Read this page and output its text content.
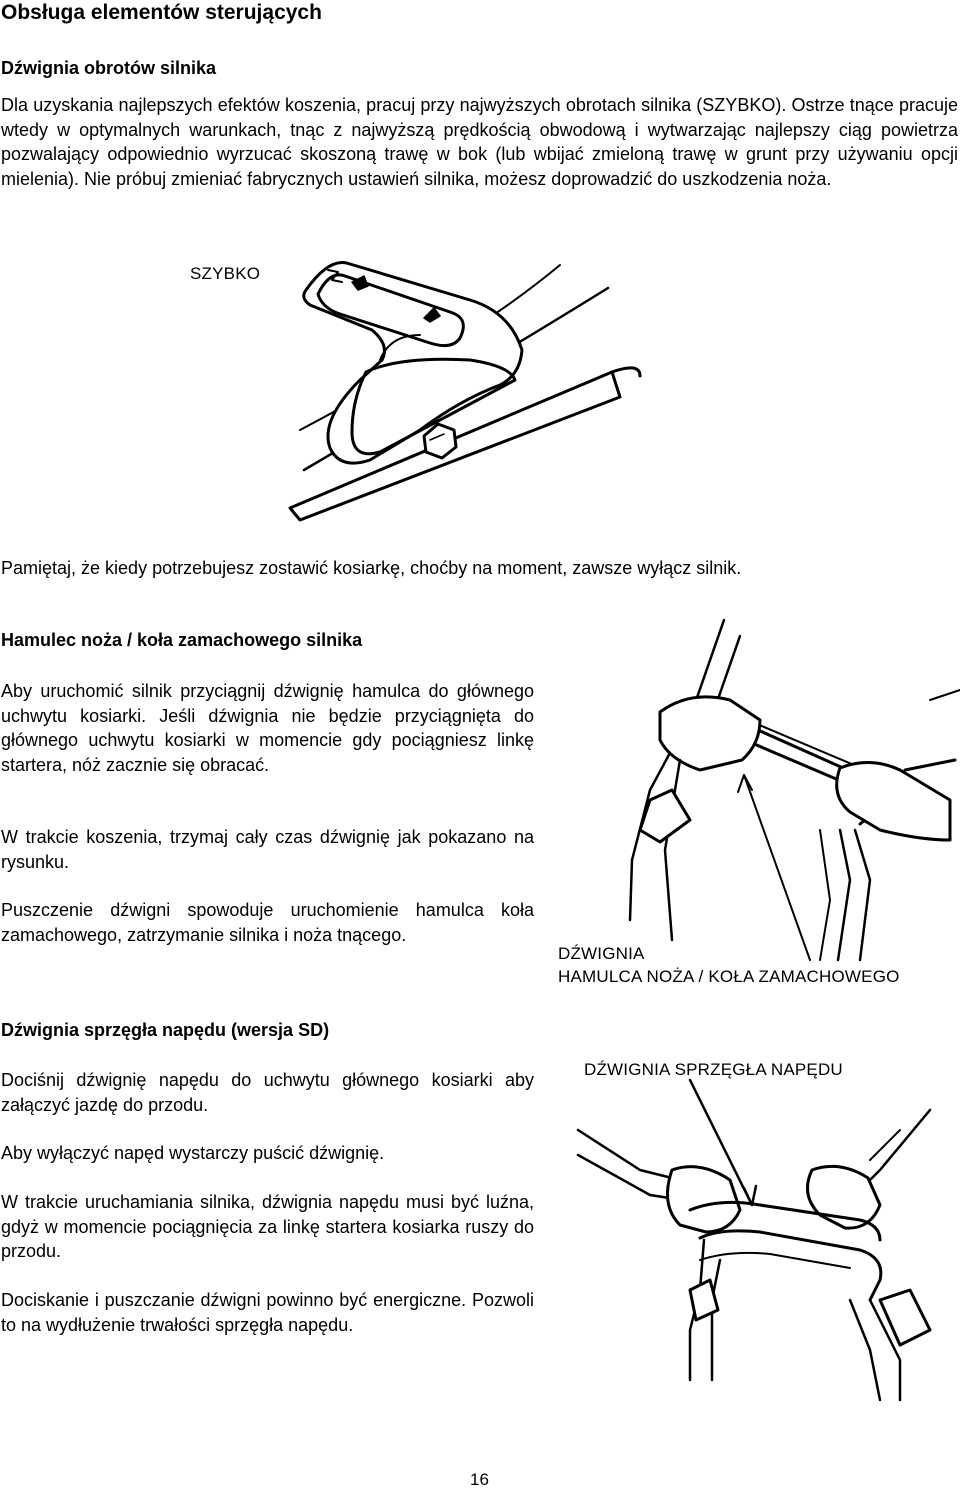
Obsługa elementów sterujących
Dźwignia obrotów silnika

Dla uzyskania najlepszych efektów koszenia, pracuj przy najwyższych obrotach silnika (SZYBKO). Ostrze tnące pracuje wtedy w optymalnych warunkach, tnąc z najwyższą prędkością obwodową i wytwarzając najlepszy ciąg powietrza pozwalający odpowiednio wyrzucać skoszoną trawę w bok (lub wbijać zmieloną trawę w grunt przy używaniu opcji mielenia). Nie próbuj zmieniać fabrycznych ustawień silnika, możesz doprowadzić do uszkodzenia noża.

SZYBKO
Pamiętaj, że kiedy potrzebujesz zostawić kosiarkę, choćby na moment, zawsze wyłącz silnik.
Hamulec noża / koła zamachowego silnika

Aby uruchomić silnik przyciągnij dźwignię hamulca do głównego uchwytu kosiarki. Jeśli dźwignia nie będzie przyciągnięta do głównego uchwytu kosiarki w momencie gdy pociągniesz linkę startera, nóż zacznie się obracać.

W trakcie koszenia, trzymaj cały czas dźwignię jak pokazano na rysunku.

Puszczenie dźwigni spowoduje uruchomienie hamulca koła zamachowego, zatrzymanie silnika i noża tnącego.

DŹWIGNIA
HAMULCA NOŻA / KOŁA ZAMACHOWEGO
Dźwignia sprzęgła napędu (wersja SD)

Dociśnij dźwignię napędu do uchwytu głównego kosiarki aby załączyć jazdę do przodu.

Aby wyłączyć napęd wystarczy puścić dźwignię.

W trakcie uruchamiania silnika, dźwignia napędu musi być luźna, gdyż w momencie pociągnięcia za linkę startera kosiarka ruszy do przodu.

Dociskanie i puszczanie dźwigni powinno być energiczne. Pozwoli to na wydłużenie trwałości sprzęgła napędu.

DŹWIGNIA SPRZĘGŁA NAPĘDU
16
